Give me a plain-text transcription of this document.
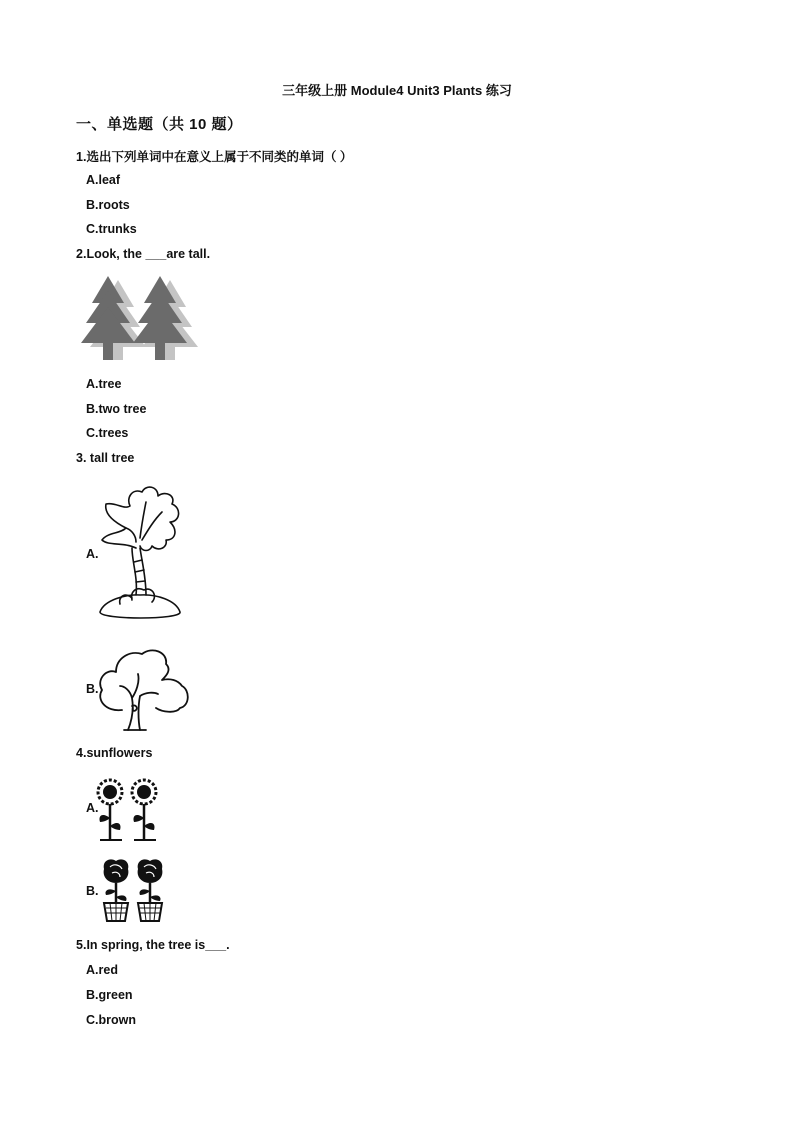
三年级上册 Module4 Unit3 Plants 练习
一、单选题（共 10 题）
1.选出下列单词中在意义上属于不同类的单词（ ）
A.leaf
B.roots
C.trunks
2.Look, the ___are tall.
A.tree
B.two tree
C.trees
3. tall tree
A.
B.
4.sunflowers
A.
B.
5.In spring, the tree is___.
A.red
B.green
C.brown
